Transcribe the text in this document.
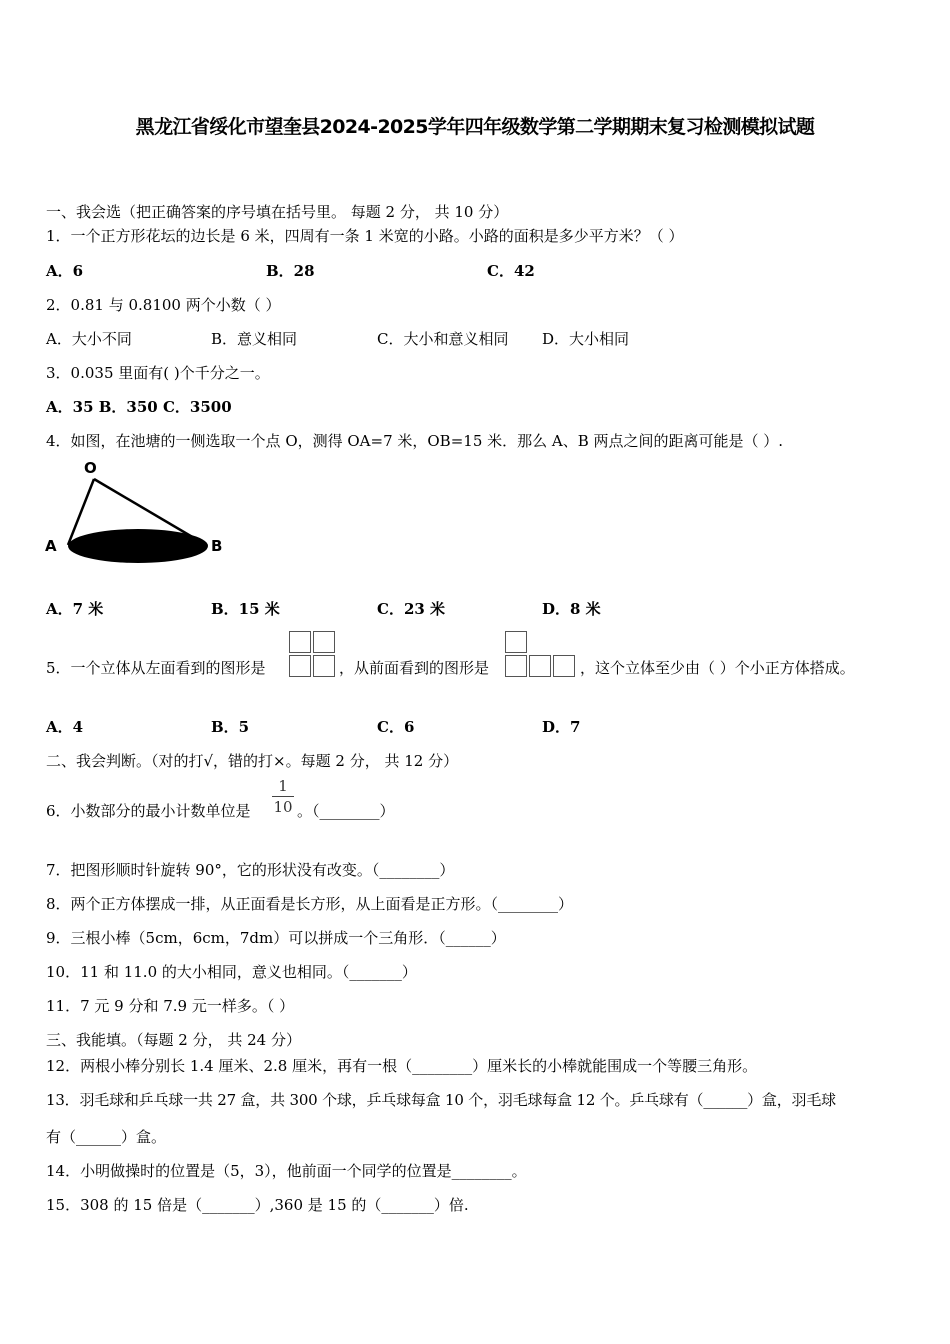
黑龙江省绥化市望奎县2024-2025学年四年级数学第二学期期末复习检测模拟试题
一、我会选（把正确答案的序号填在括号里。 每题 2 分， 共 10 分）
1．一个正方形花坛的边长是 6 米，四周有一条 1 米宽的小路。小路的面积是多少平方米？（ ）
A．6	B．28	C．42
2．0.81 与 0.8100 两个小数（ ）
A．大小不同	B．意义相同	C．大小和意义相同 D．大小相同
3．0.035 里面有( )个千分之一。
A．35 B．350 C．3500
4．如图，在池塘的一侧选取一个点 O，测得 OA=7 米，OB=15 米．那么 A、B 两点之间的距离可能是（ ）.
O
A	B
A．7 米	B．15 米	C．23 米	D．8 米
5．一个立体从左面看到的图形是	，从前面看到的图形是	，这个立体至少由（ ）个小正方体搭成。
A．4	B．5	C．6	D．7
二、我会判断。（对的打√，错的打×。每题 2 分， 共 12 分）
6．小数部分的最小计数单位是
1
10 。（________）
7．把图形顺时针旋转 90°，它的形状没有改变。（________）
8．两个正方体摆成一排，从正面看是长方形，从上面看是正方形。（________）
9．三根小棒（5cm，6cm，7dm）可以拼成一个三角形．（______）
10．11 和 11.0 的大小相同，意义也相同。（_______）
11．7 元 9 分和 7.9 元一样多。（ ）
三、我能填。（每题 2 分， 共 24 分）
12．两根小棒分别长 1.4 厘米、2.8 厘米，再有一根（________）厘米长的小棒就能围成一个等腰三角形。
13．羽毛球和乒乓球一共 27 盒，共 300 个球，乒乓球每盒 10 个，羽毛球每盒 12 个。乒乓球有（______）盒，羽毛球
有（______）盒。
14．小明做操时的位置是（5，3），他前面一个同学的位置是________。
15．308 的 15 倍是（_______）,360 是 15 的（_______）倍.
